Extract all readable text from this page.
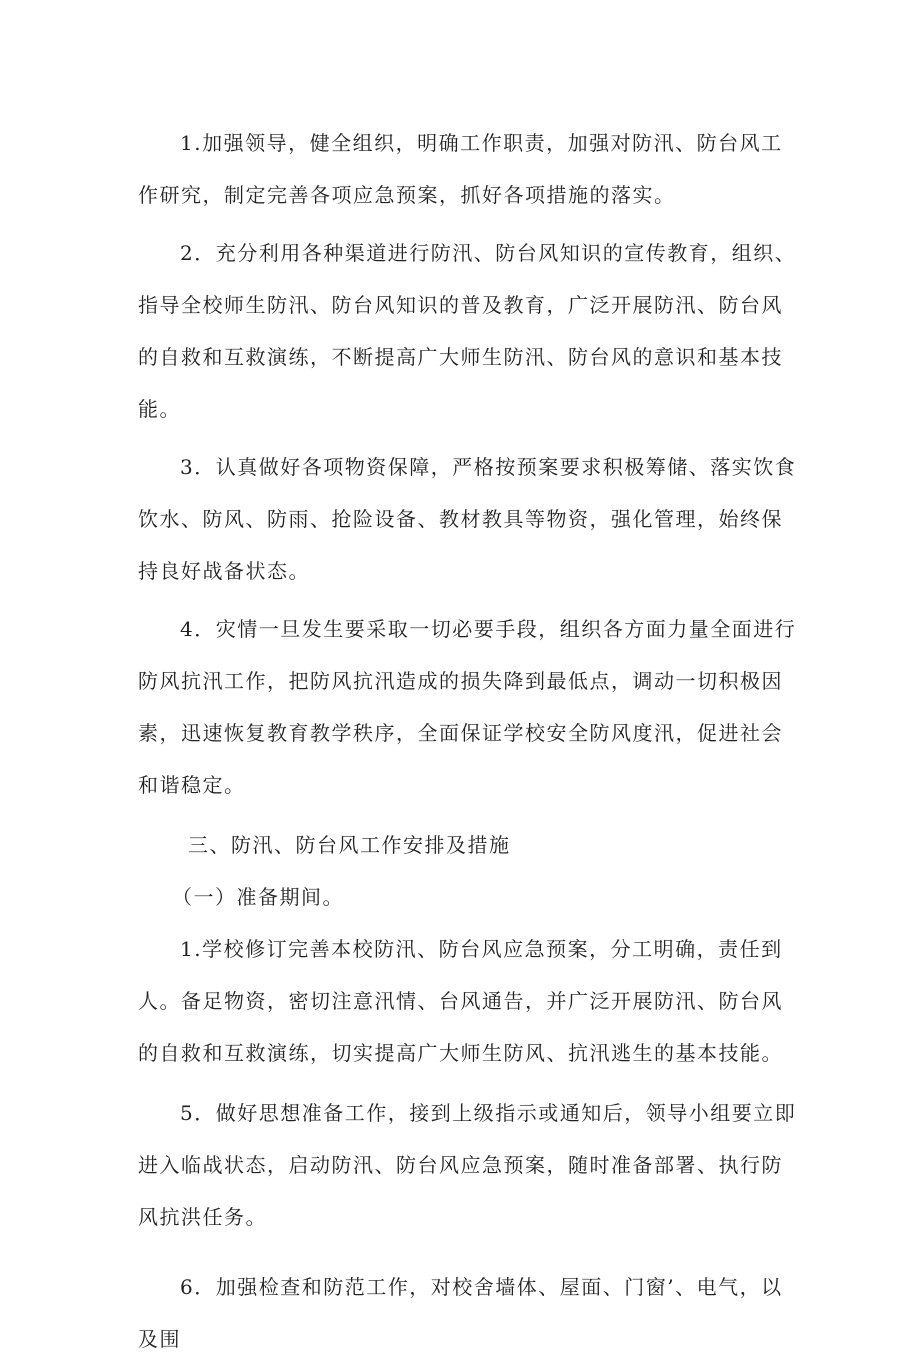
1.加强领导，健全组织，明确工作职责，加强对防汛、防台风工作研究，制定完善各项应急预案，抓好各项措施的落实。

2．充分利用各种渠道进行防汛、防台风知识的宣传教育，组织、指导全校师生防汛、防台风知识的普及教育，广泛开展防汛、防台风的自救和互救演练，不断提高广大师生防汛、防台风的意识和基本技能。

3．认真做好各项物资保障，严格按预案要求积极筹储、落实饮食饮水、防风、防雨、抢险设备、教材教具等物资，强化管理，始终保持良好战备状态。

4．灾情一旦发生要采取一切必要手段，组织各方面力量全面进行防风抗汛工作，把防风抗汛造成的损失降到最低点，调动一切积极因素，迅速恢复教育教学秩序，全面保证学校安全防风度汛，促进社会和谐稳定。

三、防汛、防台风工作安排及措施

（一）准备期间。

1.学校修订完善本校防汛、防台风应急预案，分工明确，责任到人。备足物资，密切注意汛情、台风通告，并广泛开展防汛、防台风的自救和互救演练，切实提高广大师生防风、抗汛逃生的基本技能。

5．做好思想准备工作，接到上级指示或通知后，领导小组要立即进入临战状态，启动防汛、防台风应急预案，随时准备部署、执行防风抗洪任务。

6．加强检查和防范工作，对校舍墙体、屋面、门窗’、电气，以及围
